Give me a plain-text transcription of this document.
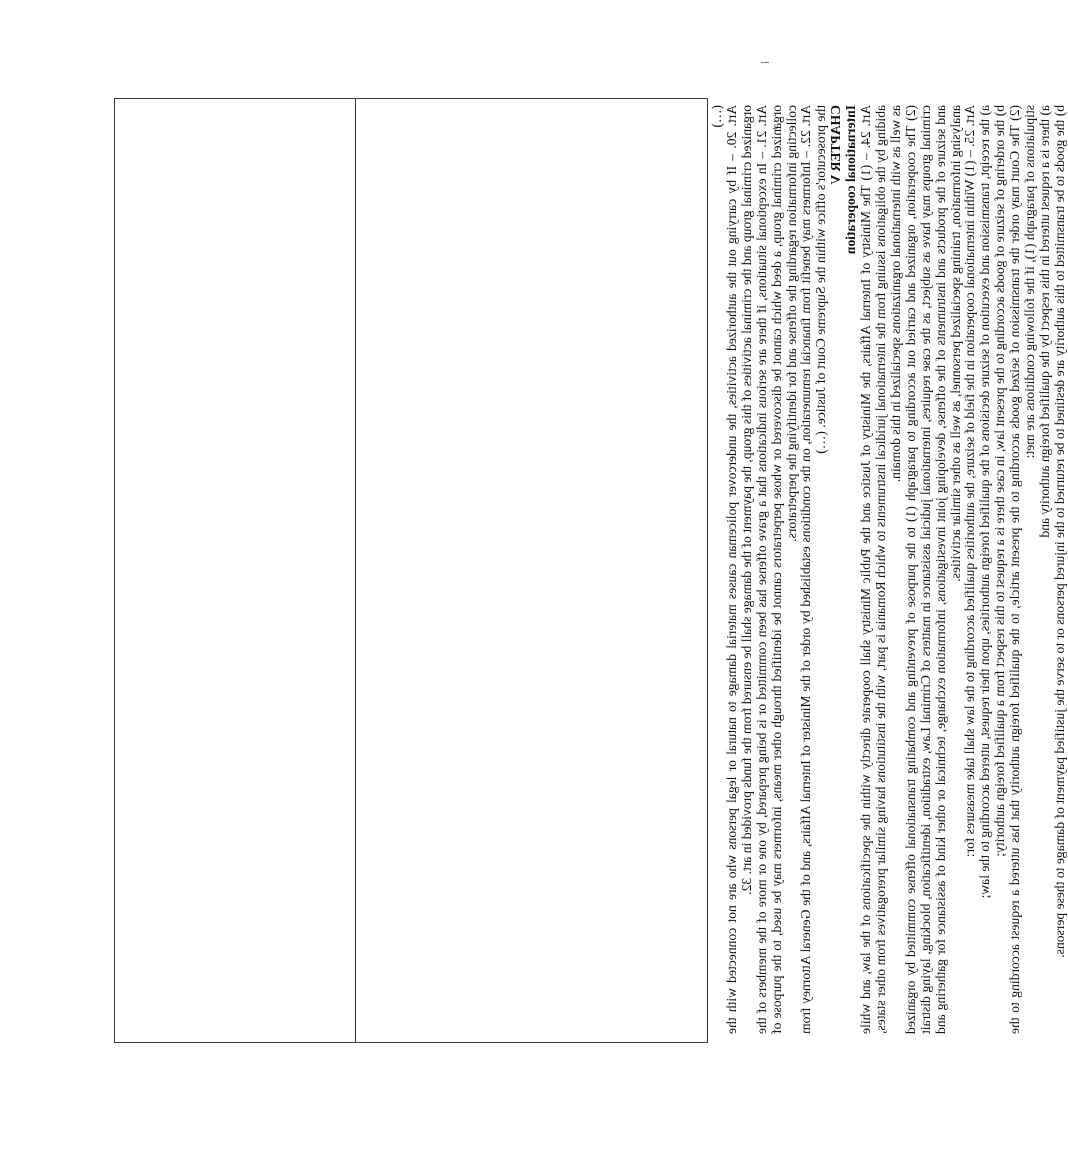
(…) Art. 20. – If by carrying out the authorized activities, the undercover policeman causes material damage to natural or legal persons who are not connected with the organized criminal group and the criminal activities of this group, the payment of the damage shall be ensured from the funds provided in art. 32. Art. 21. – In exceptional situations, if there are serious indications that a grave offense has been committed or is being prepared, by one or more of the members of the organized criminal group, a deed which cannot be discovered or whose perpetrators cannot be identified through other means, informers may be used, to the purpose of collecting information regarding the offense and for identifying the perpetrators. Art. 22. – Informers may benefit from financial remuneration, on the conditions established by order of the Minister of Internal Affairs, and of the General Attorney from the prosecutor's office within the Supreme Court of Justice. (…) CHAPTER V International cooperation Art. 24. – (1) The Ministry of Internal Affairs, the Ministry of Justice and the Public Ministry shall cooperate directly within the specifications of the law, and while abiding by the obligations issuing from the international juridical instruments to which Romania is part, with the institutions having similar prerogatives from other states, as well as with international organizations specialized in this domain. (2) The cooperation, organized and carried out according to paragraph (1) to the purpose of preventing and combating transnational offense committed by organized criminal groups may have as subject, as the case requires, international judicial assistance in matters of Criminal Law, extradition, identification, blocking, laying distrait and seizure of the products and instruments of the offense, developing joint investigations, information exchange, technical or other kind of assistance for gathering and analysing information, training specialized personnel, as well as other similar activities. Art. 25. – (1) Within international cooperation in the field of seizure, the authorities qualified according to the law shall take measures for: a) the receipt, transmission and execution of seizure decisions of the qualified foreign authorities, upon their request, uttered according to the law; b) the ordering of seizure of goods according to the present law, in case there is a request to this respect from a qualified foreign authority; (2) The Court may order the transmission of seized goods according to the present article, to the qualified foreign authority that has uttered a request according to the stipulations of paragraph (1), if the following conditions are met: a) there is a request uttered in this respect by the qualified foreign authority and b) the goods to be transmitted to this authority are destined to be returned to the injured persons or to serve the justified payment of damage to these persons.
